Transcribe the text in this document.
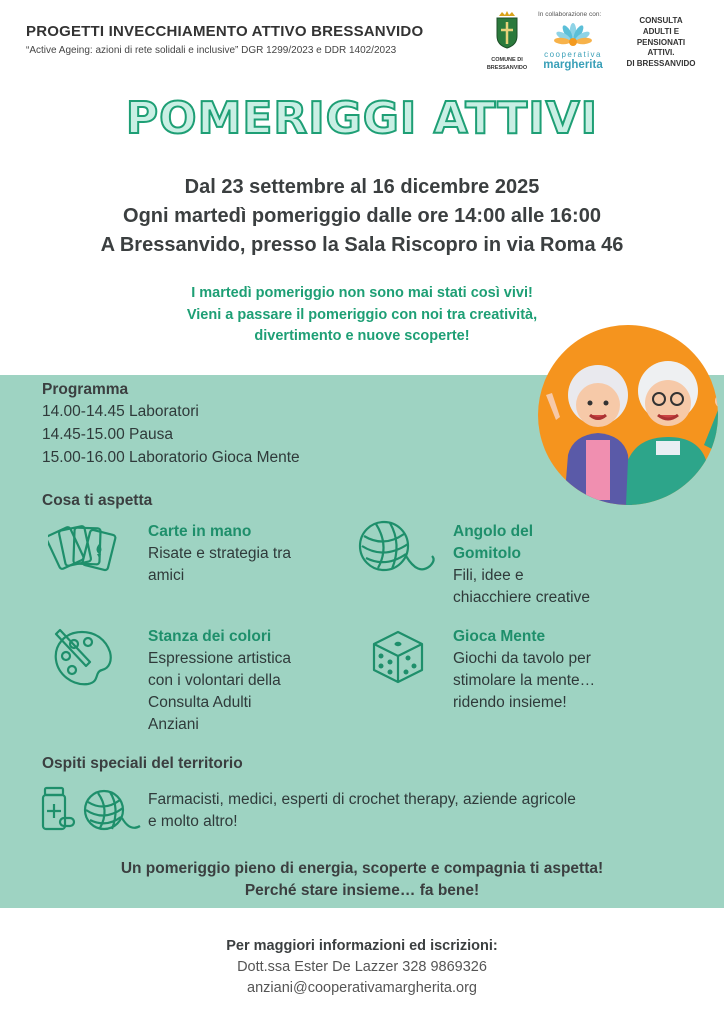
PROGETTI INVECCHIAMENTO ATTIVO BRESSANVIDO
“Active Ageing: azioni di rete solidali e inclusive” DGR 1299/2023 e DDR 1402/2023
COMUNE DI
BRESSANVIDO
In collaborazione con:
cooperativa
margherita
CONSULTA
ADULTI E
PENSIONATI
ATTIVI.
DI BRESSANVIDO
POMERIGGI ATTIVI
Dal 23 settembre al 16 dicembre 2025
Ogni martedì pomeriggio dalle ore 14:00 alle 16:00
A Bressanvido, presso la Sala Riscopro in via Roma 46
I martedì pomeriggio non sono mai stati così vivi!
Vieni a passare il pomeriggio con noi tra creatività,
divertimento e nuove scoperte!
Programma
14.00-14.45 Laboratori
14.45-15.00 Pausa
15.00-16.00 Laboratorio Gioca Mente
Cosa ti aspetta
Carte in mano
Risate e strategia tra
amici
Angolo del
Gomitolo
Fili, idee e
chiacchiere creative
Stanza dei colori
Espressione artistica
con i volontari della
Consulta Adulti
Anziani
Gioca Mente
Giochi da tavolo per
stimolare la mente…
ridendo insieme!
Ospiti speciali del territorio
Farmacisti, medici, esperti di crochet therapy, aziende agricole
e molto altro!
Un pomeriggio pieno di energia, scoperte e compagnia ti aspetta!
Perché stare insieme… fa bene!
Per maggiori informazioni ed iscrizioni:
Dott.ssa Ester De Lazzer 328 9869326
anziani@cooperativamargherita.org
